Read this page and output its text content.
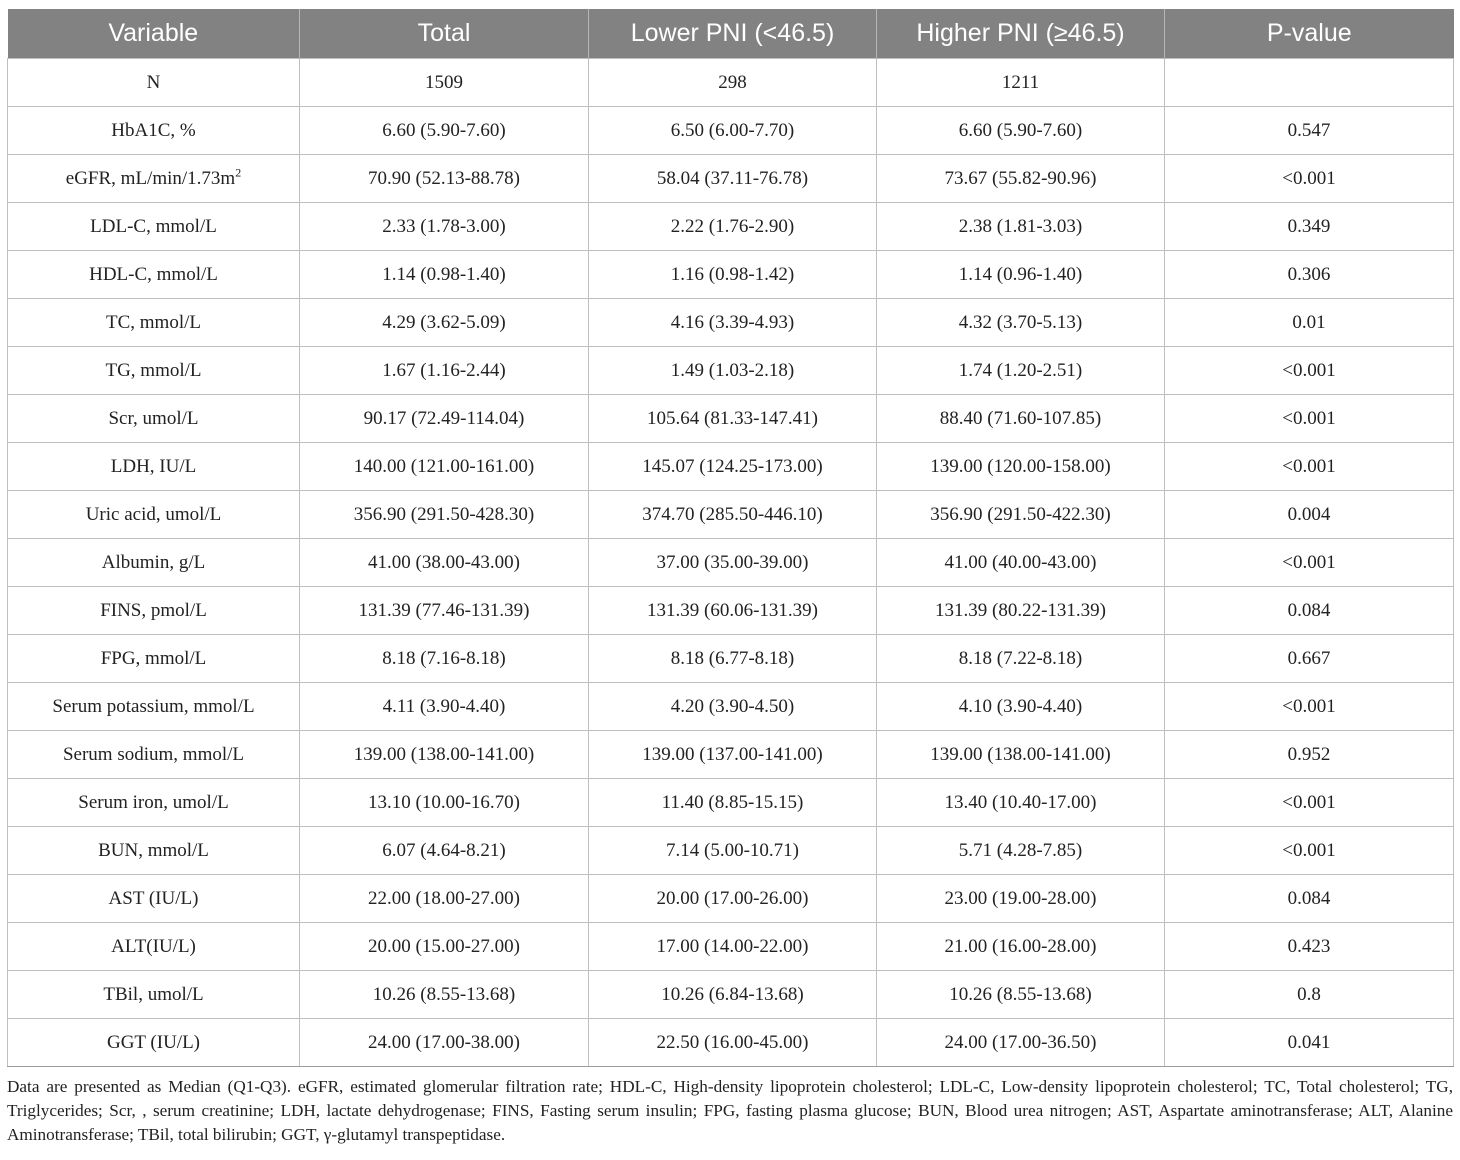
Variable	Total	Lower PNI (<46.5)	Higher PNI (≥46.5)	P-value
N	1509	298	1211	
HbA1C, %	6.60 (5.90-7.60)	6.50 (6.00-7.70)	6.60 (5.90-7.60)	0.547
eGFR, $mL/\min/1.73m^2$	70.90 (52.13-88.78)	58.04 (37.11-76.78)	73.67 (55.82-90.96)	<0.001
LDL-C, mmol/L	2.33 (1.78-3.00)	2.22 (1.76-2.90)	2.38 (1.81-3.03)	0.349
HDL-C, mmol/L	1.14 (0.98-1.40)	1.16 (0.98-1.42)	1.14 (0.96-1.40)	0.306
TC, mmol/L	4.29 (3.62-5.09)	4.16 (3.39-4.93)	4.32 (3.70-5.13)	0.01
TG, mmol/L	1.67 (1.16-2.44)	1.49 (1.03-2.18)	1.74 (1.20-2.51)	<0.001
Scr, umol/L	90.17 (72.49-114.04)	105.64 (81.33-147.41)	88.40 (71.60-107.85)	<0.001
LDH, IU/L	140.00 (121.00-161.00)	145.07 (124.25-173.00)	139.00 (120.00-158.00)	<0.001
Uric acid, umol/L	356.90 (291.50-428.30)	374.70 (285.50-446.10)	356.90 (291.50-422.30)	0.004
Albumin, g/L	41.00 (38.00-43.00)	37.00 (35.00-39.00)	41.00 (40.00-43.00)	<0.001
FINS, pmol/L	131.39 (77.46-131.39)	131.39 (60.06-131.39)	131.39 (80.22-131.39)	0.084
FPG, mmol/L	8.18 (7.16-8.18)	8.18 (6.77-8.18)	8.18 (7.22-8.18)	0.667
Serum potassium, mmol/L	4.11 (3.90-4.40)	4.20 (3.90-4.50)	4.10 (3.90-4.40)	<0.001
Serum sodium, mmol/L	139.00 (138.00-141.00)	139.00 (137.00-141.00)	139.00 (138.00-141.00)	0.952
Serum iron, umol/L	13.10 (10.00-16.70)	11.40 (8.85-15.15)	13.40 (10.40-17.00)	<0.001
BUN, mmol/L	6.07 (4.64-8.21)	7.14 (5.00-10.71)	5.71 (4.28-7.85)	<0.001
AST (IU/L)	22.00 (18.00-27.00)	20.00 (17.00-26.00)	23.00 (19.00-28.00)	0.084
ALT(IU/L)	20.00 (15.00-27.00)	17.00 (14.00-22.00)	21.00 (16.00-28.00)	0.423
TBil, umol/L	10.26 (8.55-13.68)	10.26 (6.84-13.68)	10.26 (8.55-13.68)	0.8
GGT (IU/L)	24.00 (17.00-38.00)	22.50 (16.00-45.00)	24.00 (17.00-36.50)	0.041
Data are presented as Median (Q1-Q3). eGFR, estimated glomerular filtration rate; HDL-C, High-density lipoprotein cholesterol; LDL-C, Low-density lipoprotein cholesterol; TC, Total cholesterol; TG, Triglycerides; Scr, , serum creatinine; LDH, lactate dehydrogenase; FINS, Fasting serum insulin; FPG, fasting plasma glucose; BUN, Blood urea nitrogen; AST, Aspartate aminotransferase; ALT, Alanine Aminotransferase; TBil, total bilirubin; GGT, γ-glutamyl transpeptidase.
